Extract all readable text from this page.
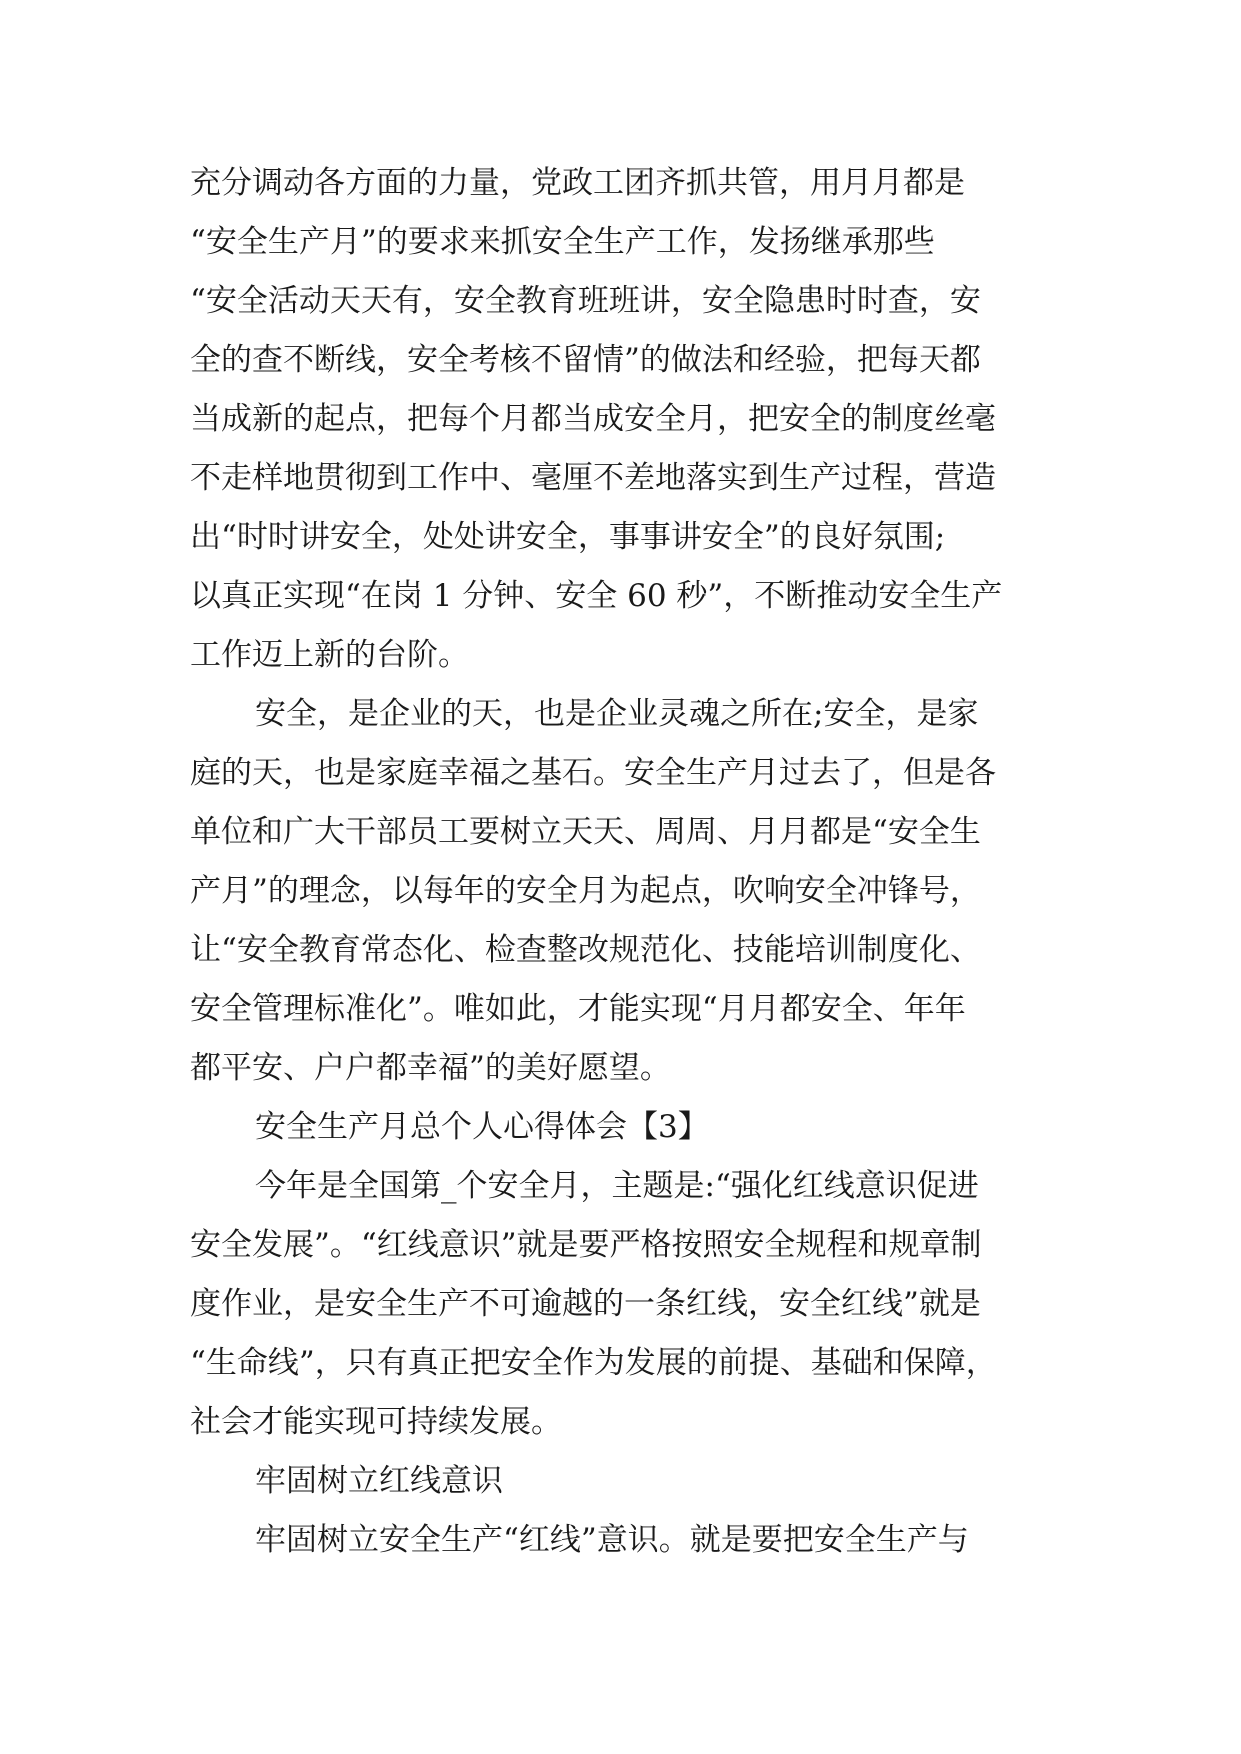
充分调动各方面的力量，党政工团齐抓共管，用月月都是
“安全生产月”的要求来抓安全生产工作，发扬继承那些
“安全活动天天有，安全教育班班讲，安全隐患时时查，安
全的查不断线，安全考核不留情”的做法和经验，把每天都
当成新的起点，把每个月都当成安全月，把安全的制度丝毫
不走样地贯彻到工作中、毫厘不差地落实到生产过程，营造
出“时时讲安全，处处讲安全，事事讲安全”的良好氛围;
以真正实现“在岗 1 分钟、安全 60 秒”，不断推动安全生产
工作迈上新的台阶。
安全，是企业的天，也是企业灵魂之所在;安全，是家
庭的天，也是家庭幸福之基石。安全生产月过去了，但是各
单位和广大干部员工要树立天天、周周、月月都是“安全生
产月”的理念，以每年的安全月为起点，吹响安全冲锋号，
让“安全教育常态化、检查整改规范化、技能培训制度化、
安全管理标准化”。唯如此，才能实现“月月都安全、年年
都平安、户户都幸福”的美好愿望。
安全生产月总个人心得体会【3】
今年是全国第_个安全月，主题是:“强化红线意识促进
安全发展”。“红线意识”就是要严格按照安全规程和规章制
度作业，是安全生产不可逾越的一条红线，安全红线”就是
“生命线”，只有真正把安全作为发展的前提、基础和保障，
社会才能实现可持续发展。
牢固树立红线意识
牢固树立安全生产“红线”意识。就是要把安全生产与
